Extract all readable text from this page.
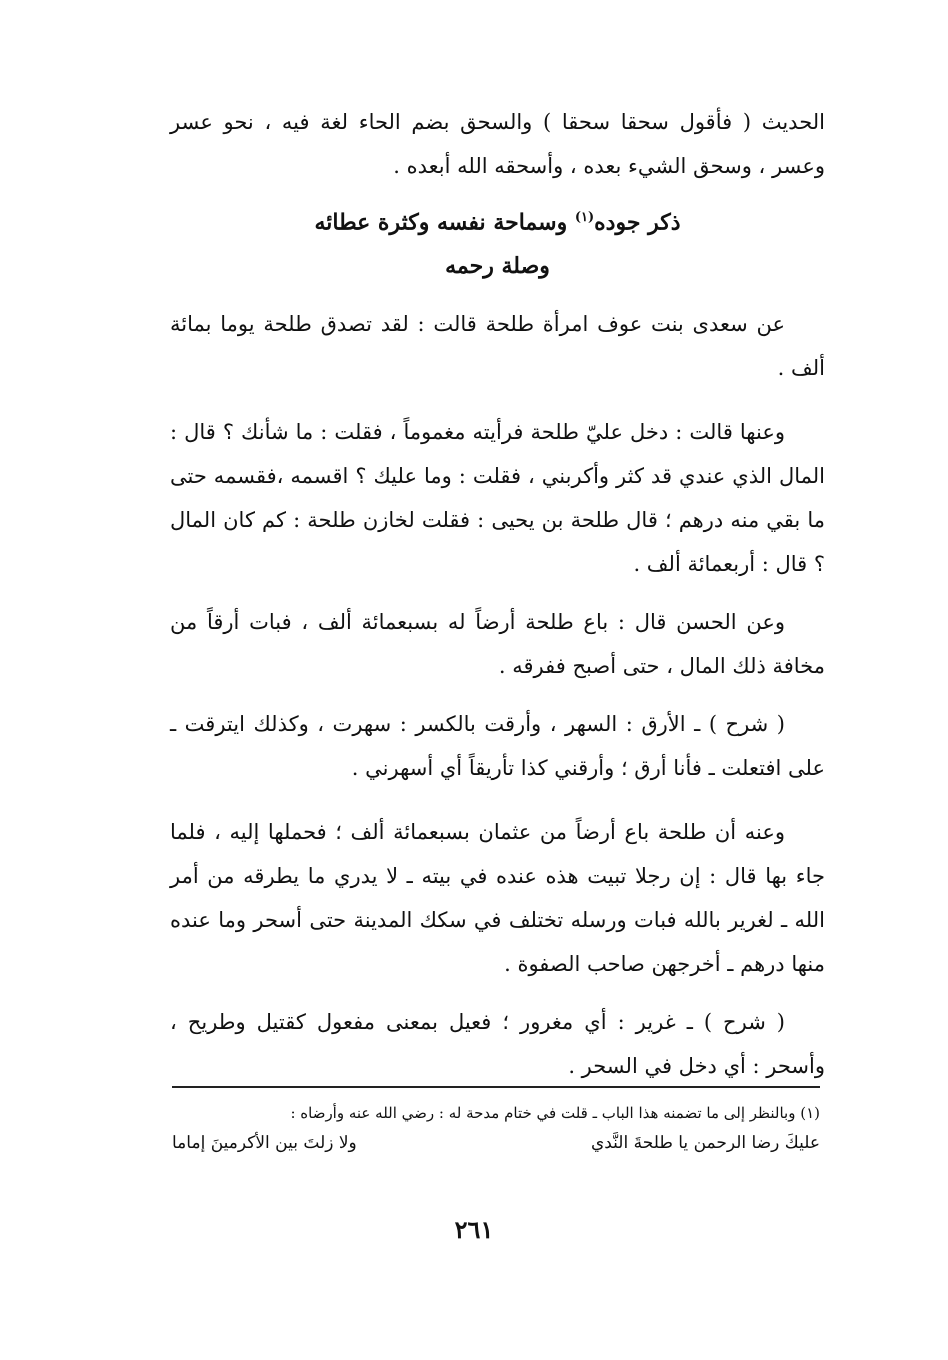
الحديث ( فأقول سحقا سحقا ) والسحق بضم الحاء لغة فيه ، نحو عسر وعسر ، وسحق الشيء بعده ، وأسحقه الله أبعده .

ذكر جوده$^{(١)}$ وسماحة نفسه وكثرة عطائه

وصلة رحمه

عن سعدى بنت عوف امرأة طلحة قالت : لقد تصدق طلحة يوما بمائة ألف .

وعنها قالت : دخل عليّ طلحة فرأيته مغموماً ، فقلت : ما شأنك ؟ قال : المال الذي عندي قد كثر وأكربني ، فقلت : وما عليك ؟ اقسمه ،فقسمه حتى ما بقي منه درهم ؛ قال طلحة بن يحيى : فقلت لخازن طلحة : كم كان المال ؟ قال : أربعمائة ألف .

وعن الحسن قال : باع طلحة أرضاً له بسبعمائة ألف ، فبات أرقاً من مخافة ذلك المال ، حتى أصبح ففرقه .

( شرح ) ـ الأرق : السهر ، وأرقت بالكسر : سهرت ، وكذلك ايترقت ـ على افتعلت ـ فأنا أرق ؛ وأرقني كذا تأريقاً أي أسهرني .

وعنه أن طلحة باع أرضاً من عثمان بسبعمائة ألف ؛ فحملها إليه ، فلما جاء بها قال : إن رجلا تبيت هذه عنده في بيته ـ لا يدري ما يطرقه من أمر الله ـ لغرير بالله فبات ورسله تختلف في سكك المدينة حتى أسحر وما عنده منها درهم ـ أخرجهن صاحب الصفوة .

( شرح ) ـ غرير : أي مغرور ؛ فعيل بمعنى مفعول كقتيل وطريح ، وأسحر : أي دخل في السحر .

(١) وبالنظر إلى ما تضمنه هذا الباب ـ قلت في ختام مدحة له : رضي الله عنه وأرضاه :
عليكَ رضا الرحمن يا طلحةَ النَّدي
ولا زلتَ بين الأكرمينَ إماما
٢٦١
